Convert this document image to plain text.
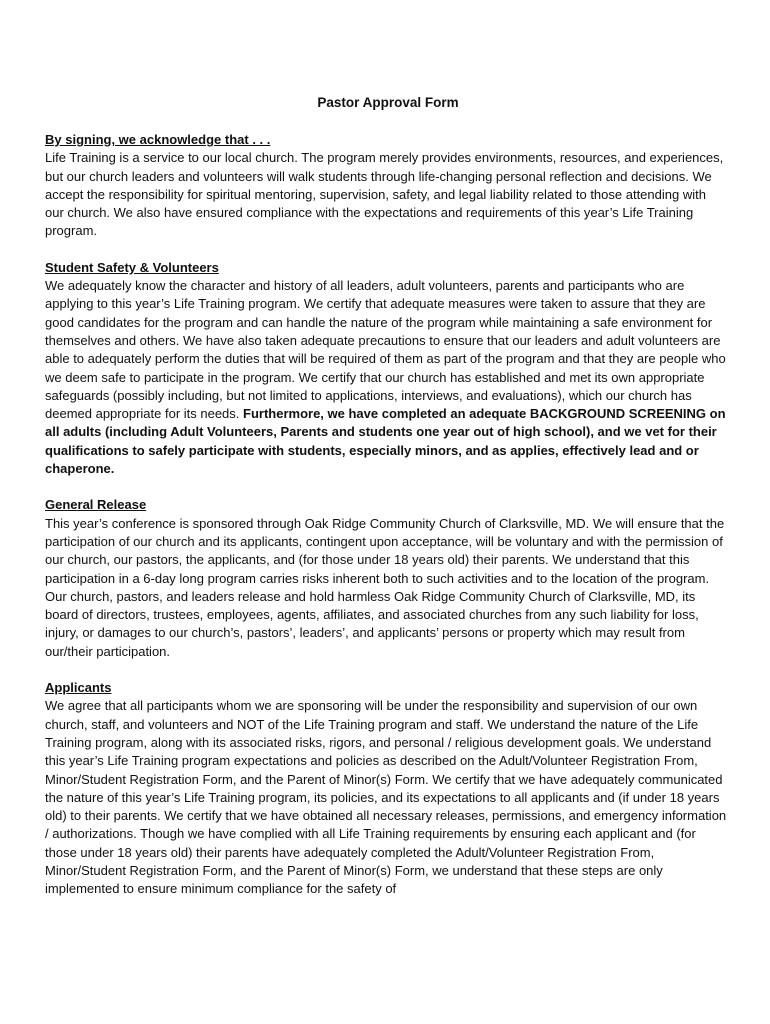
Pastor Approval Form

By signing, we acknowledge that . . .

Life Training is a service to our local church. The program merely provides environments, resources, and experiences, but our church leaders and volunteers will walk students through life-changing personal reflection and decisions. We accept the responsibility for spiritual mentoring, supervision, safety, and legal liability related to those attending with our church. We also have ensured compliance with the expectations and requirements of this year’s Life Training program.

Student Safety & Volunteers

We adequately know the character and history of all leaders, adult volunteers, parents and participants who are applying to this year’s Life Training program. We certify that adequate measures were taken to assure that they are good candidates for the program and can handle the nature of the program while maintaining a safe environment for themselves and others. We have also taken adequate precautions to ensure that our leaders and adult volunteers are able to adequately perform the duties that will be required of them as part of the program and that they are people who we deem safe to participate in the program. We certify that our church has established and met its own appropriate safeguards (possibly including, but not limited to applications, interviews, and evaluations), which our church has deemed appropriate for its needs. Furthermore, we have completed an adequate BACKGROUND SCREENING on all adults (including Adult Volunteers, Parents and students one year out of high school), and we vet for their qualifications to safely participate with students, especially minors, and as applies, effectively lead and or chaperone.

General Release

This year’s conference is sponsored through Oak Ridge Community Church of Clarksville, MD. We will ensure that the participation of our church and its applicants, contingent upon acceptance, will be voluntary and with the permission of our church, our pastors, the applicants, and (for those under 18 years old) their parents. We understand that this participation in a 6-day long program carries risks inherent both to such activities and to the location of the program. Our church, pastors, and leaders release and hold harmless Oak Ridge Community Church of Clarksville, MD, its board of directors, trustees, employees, agents, affiliates, and associated churches from any such liability for loss, injury, or damages to our church’s, pastors’, leaders’, and applicants’ persons or property which may result from our/their participation.

Applicants

We agree that all participants whom we are sponsoring will be under the responsibility and supervision of our own church, staff, and volunteers and NOT of the Life Training program and staff. We understand the nature of the Life Training program, along with its associated risks, rigors, and personal / religious development goals. We understand this year’s Life Training program expectations and policies as described on the Adult/Volunteer Registration From, Minor/Student Registration Form, and the Parent of Minor(s) Form. We certify that we have adequately communicated the nature of this year’s Life Training program, its policies, and its expectations to all applicants and (if under 18 years old) to their parents. We certify that we have obtained all necessary releases, permissions, and emergency information / authorizations. Though we have complied with all Life Training requirements by ensuring each applicant and (for those under 18 years old) their parents have adequately completed the Adult/Volunteer Registration From, Minor/Student Registration Form, and the Parent of Minor(s) Form, we understand that these steps are only implemented to ensure minimum compliance for the safety of
